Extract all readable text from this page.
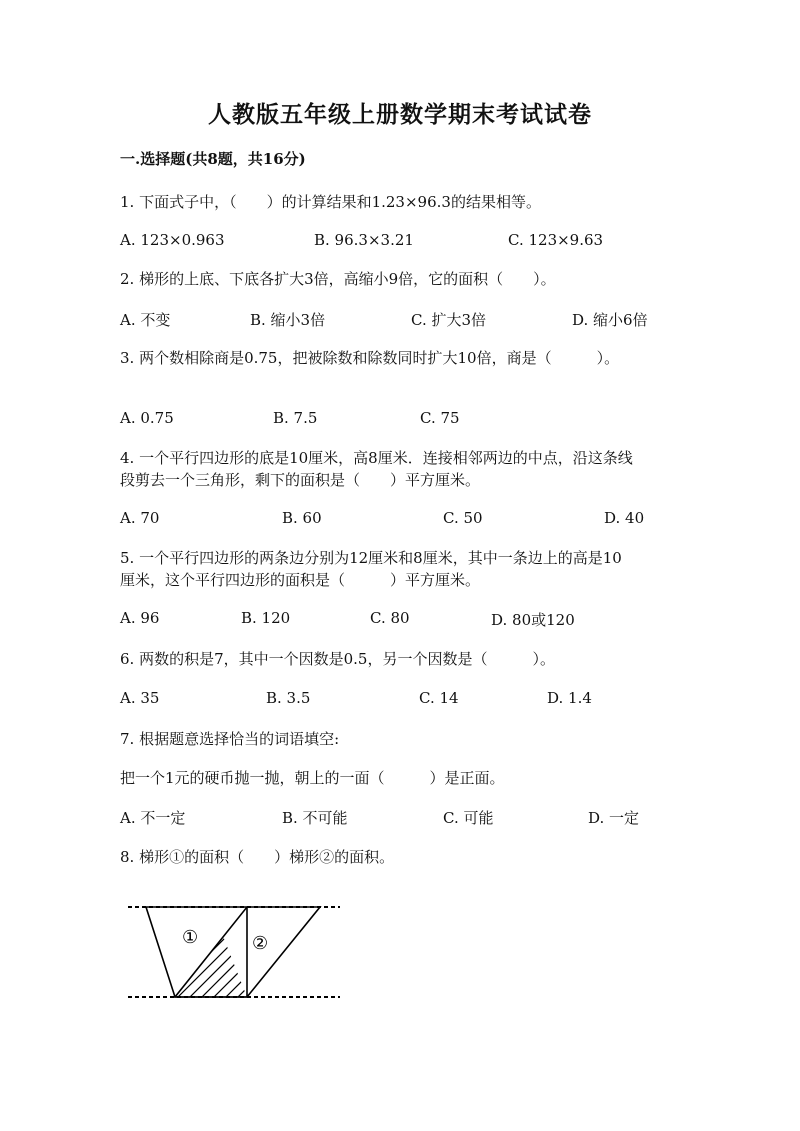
人教版五年级上册数学期末考试试卷
一.选择题(共8题，共16分)
1. 下面式子中，（　　）的计算结果和1.23×96.3的结果相等。
A. 123×0.963	B. 96.3×3.21	C. 123×9.63
2. 梯形的上底、下底各扩大3倍，高缩小9倍，它的面积（　　）。
A. 不变	B. 缩小3倍	C. 扩大3倍	D. 缩小6倍
3. 两个数相除商是0.75，把被除数和除数同时扩大10倍，商是（　　　）。
A. 0.75	B. 7.5	C. 75
4. 一个平行四边形的底是10厘米，高8厘米．连接相邻两边的中点，沿这条线
段剪去一个三角形，剩下的面积是（　　）平方厘米。
A. 70	B. 60	C. 50	D. 40
5. 一个平行四边形的两条边分别为12厘米和8厘米，其中一条边上的高是10
厘米，这个平行四边形的面积是（　　　）平方厘米。
A. 96	B. 120	C. 80	D. 80或120
6. 两数的积是7，其中一个因数是0.5，另一个因数是（　　　）。
A. 35	B. 3.5	C. 14	D. 1.4
7. 根据题意选择恰当的词语填空:
把一个1元的硬币抛一抛，朝上的一面（　　　）是正面。
A. 不一定	B. 不可能	C. 可能	D. 一定
8. 梯形①的面积（　　）梯形②的面积。
①	②
